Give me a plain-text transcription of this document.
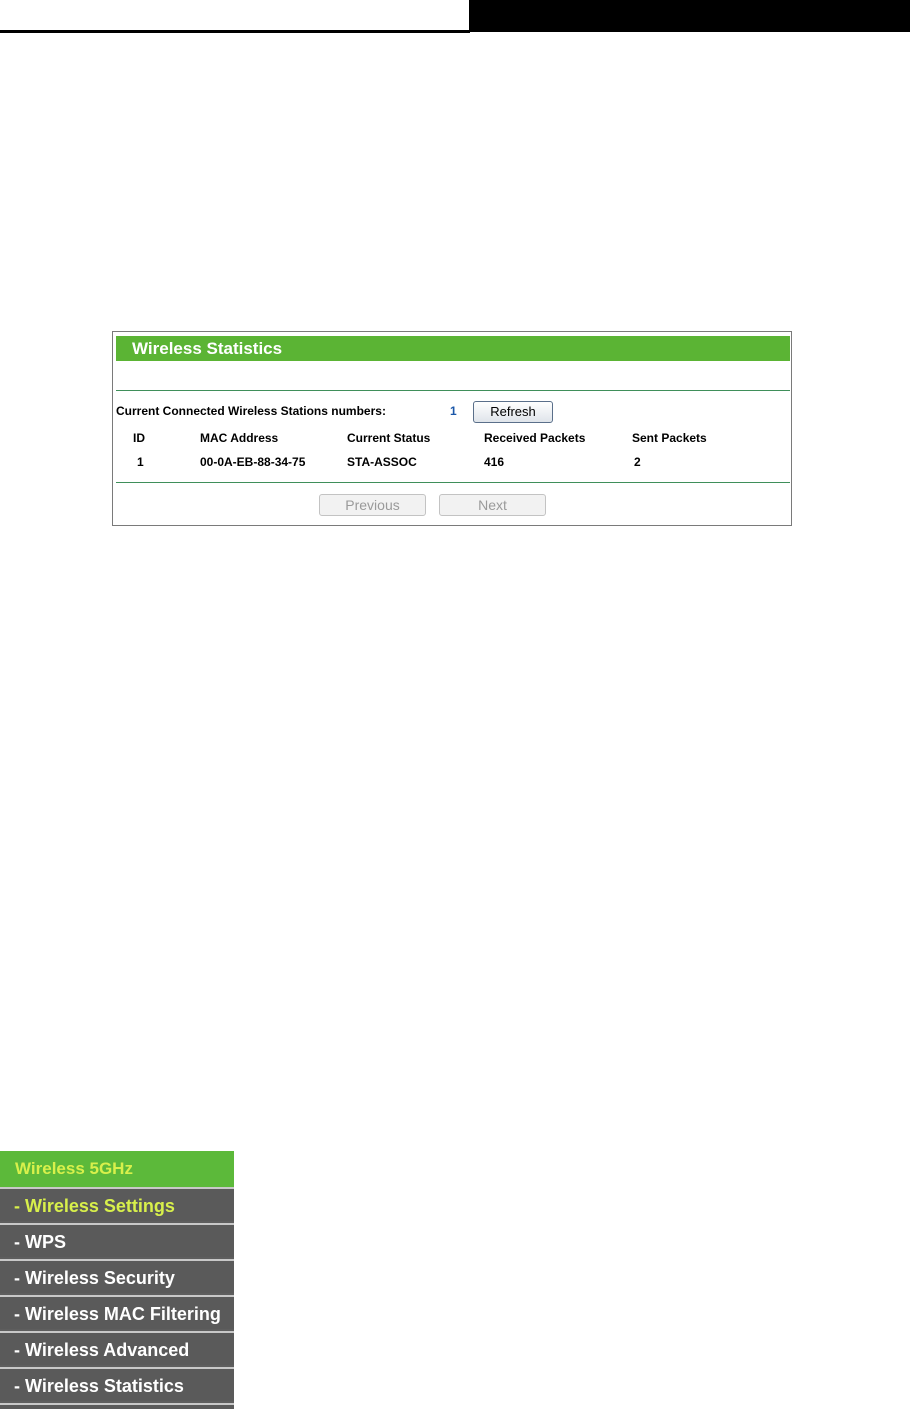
Wireless Statistics
Current Connected Wireless Stations numbers:	1	Refresh
ID	MAC Address	Current Status	Received Packets	Sent Packets
1	00-0A-EB-88-34-75	STA-ASSOC	416	2
Previous	Next
Wireless 5GHz
- Wireless Settings
- WPS
- Wireless Security
- Wireless MAC Filtering
- Wireless Advanced
- Wireless Statistics
